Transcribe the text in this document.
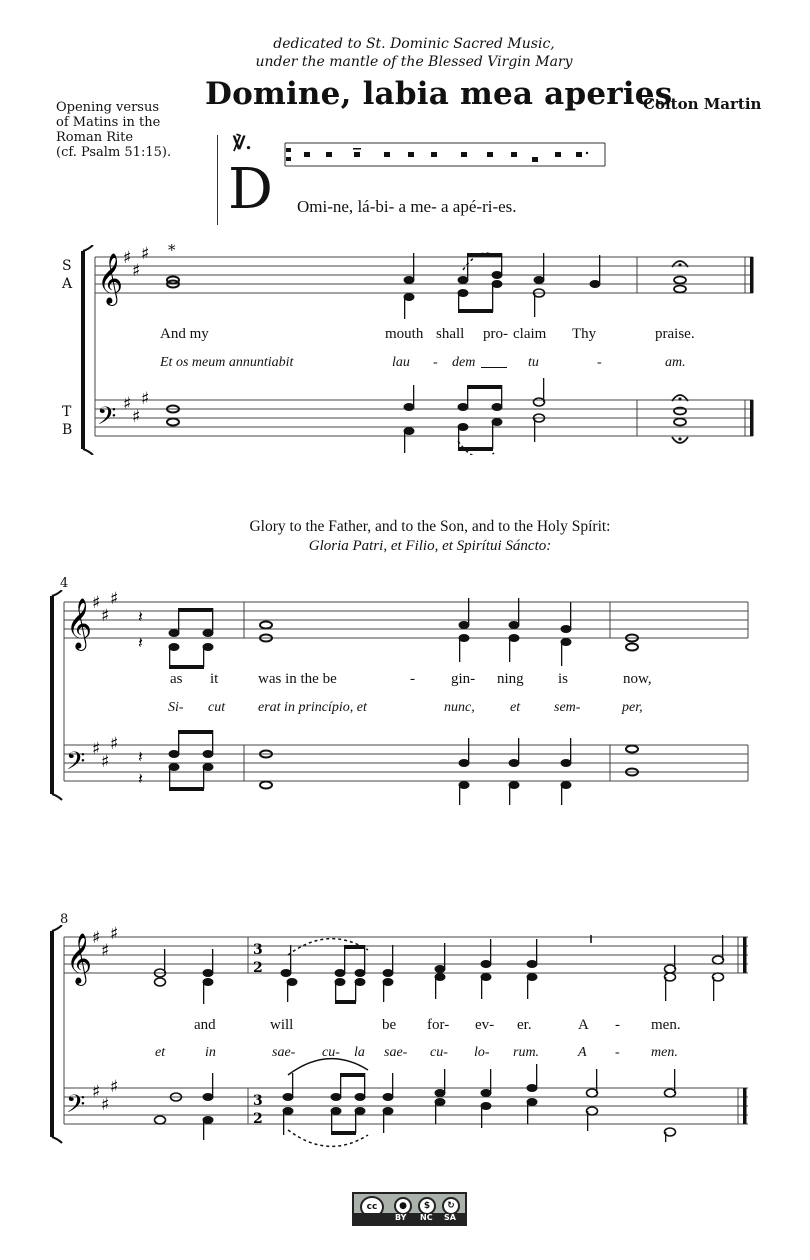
dedicated to St. Dominic Sacred Music,
under the mantle of the Blessed Virgin Mary
Domine, labia mea aperies
Colton Martin
Opening versus
of Matins in the
Roman Rite
(cf. Psalm 51:15).	℣.
D Omi-ne, lá-bi- a me- a apé-ri-es.
S
A
T
B
*
𝄞
𝄢
♯
♯
♯
♯
♯
♯
And my	mouth shall pro- claim Thy	praise.
Et os meum annuntiabit	lau - dem	tu	-	am.
Glory to the Father, and to the Son, and to the Holy Spírit:
Gloria Patri, et Filio, et Spirítui Sáncto:
4
𝄞
𝄢
♯
♯
♯
♯
♯
♯
𝄽
𝄽
𝄽
𝄽
as it	was in the be	- gin- ning is	now,
Si- cut erat in princípio, et	nunc,	et sem-	per,
8
𝄞
𝄢
♯
♯
♯
♯
♯
♯
3
2
3
2
and	will	be for- ev- er.	A - men.
et	in	sae- cu- la sae- cu- lo- rum.	A - men.
cc	●	$	↻
BY NC SA
